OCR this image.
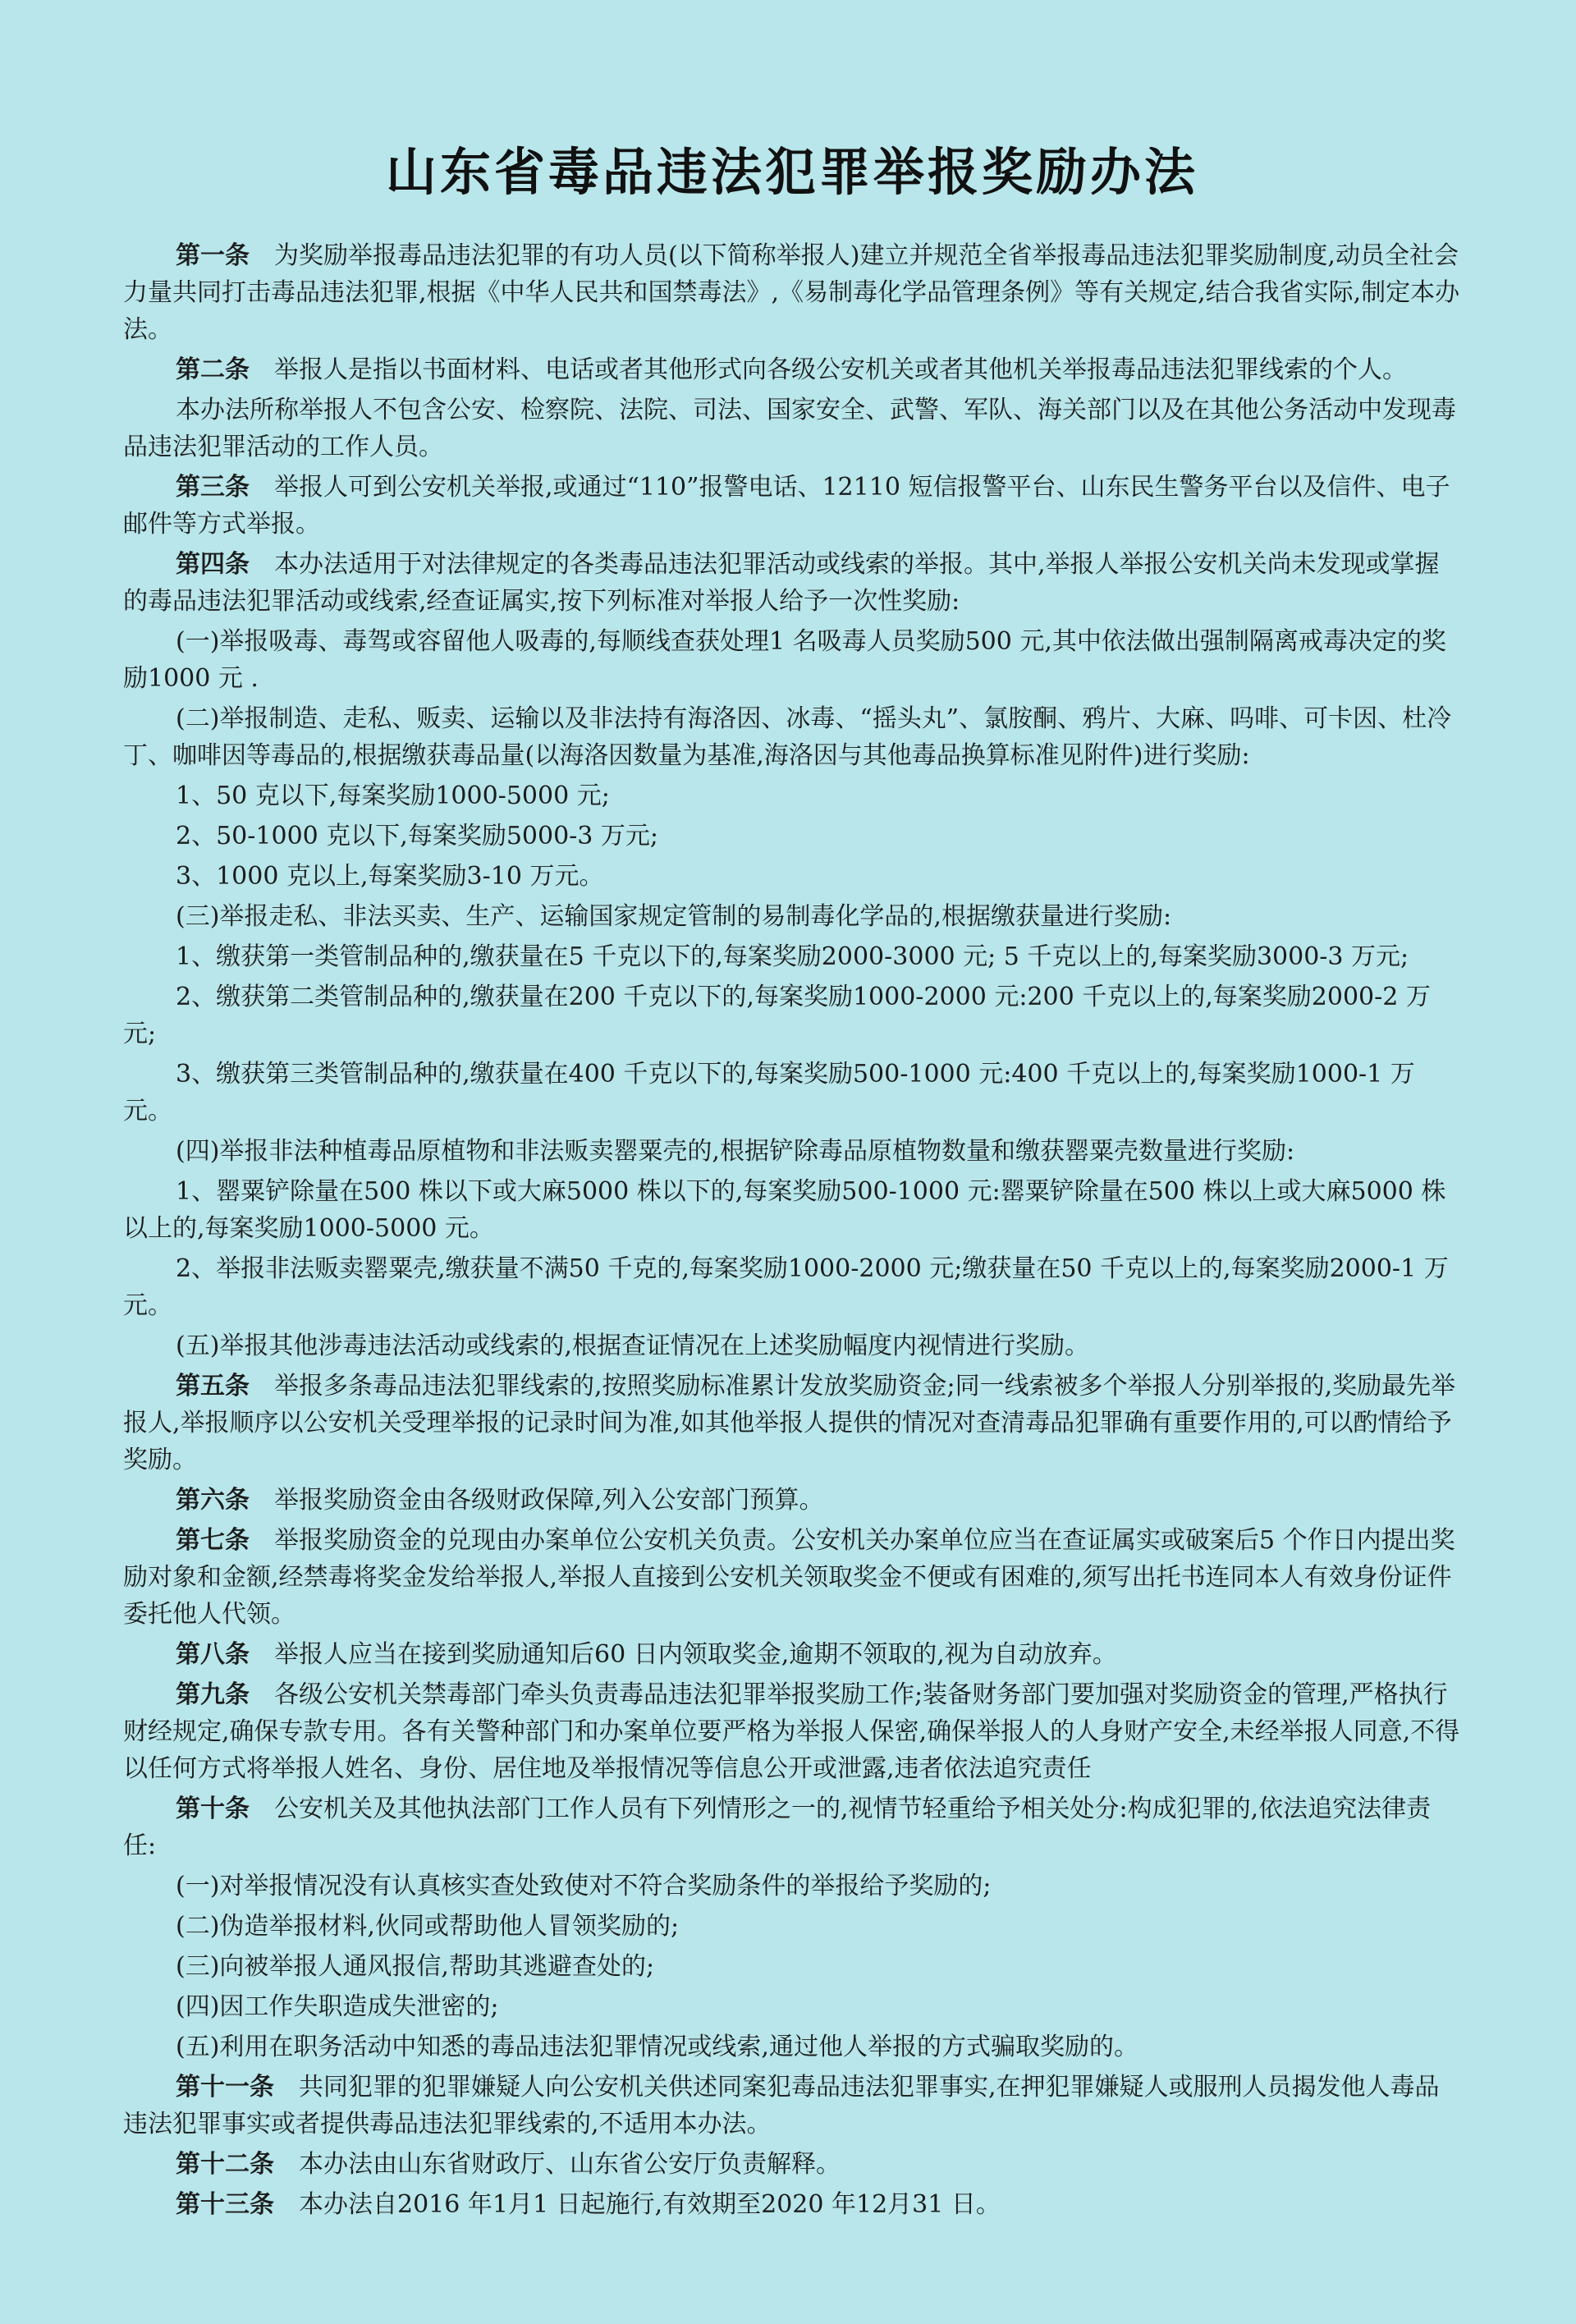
山东省毒品违法犯罪举报奖励办法

第一条 为奖励举报毒品违法犯罪的有功人员(以下简称举报人)建立并规范全省举报毒品违法犯罪奖励制度,动员全社会力量共同打击毒品违法犯罪,根据《中华人民共和国禁毒法》,《易制毒化学品管理条例》等有关规定,结合我省实际,制定本办法。

第二条 举报人是指以书面材料、电话或者其他形式向各级公安机关或者其他机关举报毒品违法犯罪线索的个人。

本办法所称举报人不包含公安、检察院、法院、司法、国家安全、武警、军队、海关部门以及在其他公务活动中发现毒品违法犯罪活动的工作人员。

第三条 举报人可到公安机关举报,或通过“110”报警电话、12110 短信报警平台、山东民生警务平台以及信件、电子邮件等方式举报。

第四条 本办法适用于对法律规定的各类毒品违法犯罪活动或线索的举报。其中,举报人举报公安机关尚未发现或掌握的毒品违法犯罪活动或线索,经查证属实,按下列标准对举报人给予一次性奖励:

(一)举报吸毒、毒驾或容留他人吸毒的,每顺线查获处理1 名吸毒人员奖励500 元,其中依法做出强制隔离戒毒决定的奖励1000 元 .

(二)举报制造、走私、贩卖、运输以及非法持有海洛因、冰毒、“摇头丸”、氯胺酮、鸦片、大麻、吗啡、可卡因、杜冷丁、咖啡因等毒品的,根据缴获毒品量(以海洛因数量为基准,海洛因与其他毒品换算标准见附件)进行奖励:

1、50 克以下,每案奖励1000-5000 元;

2、50-1000 克以下,每案奖励5000-3 万元;

3、1000 克以上,每案奖励3-10 万元。

(三)举报走私、非法买卖、生产、运输国家规定管制的易制毒化学品的,根据缴获量进行奖励:

1、缴获第一类管制品种的,缴获量在5 千克以下的,每案奖励2000-3000 元; 5 千克以上的,每案奖励3000-3 万元;

2、缴获第二类管制品种的,缴获量在200 千克以下的,每案奖励1000-2000 元:200 千克以上的,每案奖励2000-2 万元;

3、缴获第三类管制品种的,缴获量在400 千克以下的,每案奖励500-1000 元:400 千克以上的,每案奖励1000-1 万元。

(四)举报非法种植毒品原植物和非法贩卖罂粟壳的,根据铲除毒品原植物数量和缴获罂粟壳数量进行奖励:

1、罂粟铲除量在500 株以下或大麻5000 株以下的,每案奖励500-1000 元:罂粟铲除量在500 株以上或大麻5000 株以上的,每案奖励1000-5000 元。

2、举报非法贩卖罂粟壳,缴获量不满50 千克的,每案奖励1000-2000 元;缴获量在50 千克以上的,每案奖励2000-1 万元。

(五)举报其他涉毒违法活动或线索的,根据查证情况在上述奖励幅度内视情进行奖励。

第五条 举报多条毒品违法犯罪线索的,按照奖励标准累计发放奖励资金;同一线索被多个举报人分别举报的,奖励最先举报人,举报顺序以公安机关受理举报的记录时间为准,如其他举报人提供的情况对查清毒品犯罪确有重要作用的,可以酌情给予奖励。

第六条 举报奖励资金由各级财政保障,列入公安部门预算。

第七条 举报奖励资金的兑现由办案单位公安机关负责。公安机关办案单位应当在查证属实或破案后5 个作日内提出奖励对象和金额,经禁毒将奖金发给举报人,举报人直接到公安机关领取奖金不便或有困难的,须写出托书连同本人有效身份证件委托他人代领。

第八条 举报人应当在接到奖励通知后60 日内领取奖金,逾期不领取的,视为自动放弃。

第九条 各级公安机关禁毒部门牵头负责毒品违法犯罪举报奖励工作;装备财务部门要加强对奖励资金的管理,严格执行财经规定,确保专款专用。各有关警种部门和办案单位要严格为举报人保密,确保举报人的人身财产安全,未经举报人同意,不得以任何方式将举报人姓名、身份、居住地及举报情况等信息公开或泄露,违者依法追究责任

第十条 公安机关及其他执法部门工作人员有下列情形之一的,视情节轻重给予相关处分:构成犯罪的,依法追究法律责任:

(一)对举报情况没有认真核实查处致使对不符合奖励条件的举报给予奖励的;

(二)伪造举报材料,伙同或帮助他人冒领奖励的;

(三)向被举报人通风报信,帮助其逃避查处的;

(四)因工作失职造成失泄密的;

(五)利用在职务活动中知悉的毒品违法犯罪情况或线索,通过他人举报的方式骗取奖励的。

第十一条 共同犯罪的犯罪嫌疑人向公安机关供述同案犯毒品违法犯罪事实,在押犯罪嫌疑人或服刑人员揭发他人毒品违法犯罪事实或者提供毒品违法犯罪线索的,不适用本办法。

第十二条 本办法由山东省财政厅、山东省公安厅负责解释。

第十三条 本办法自2016 年1月1 日起施行,有效期至2020 年12月31 日。
